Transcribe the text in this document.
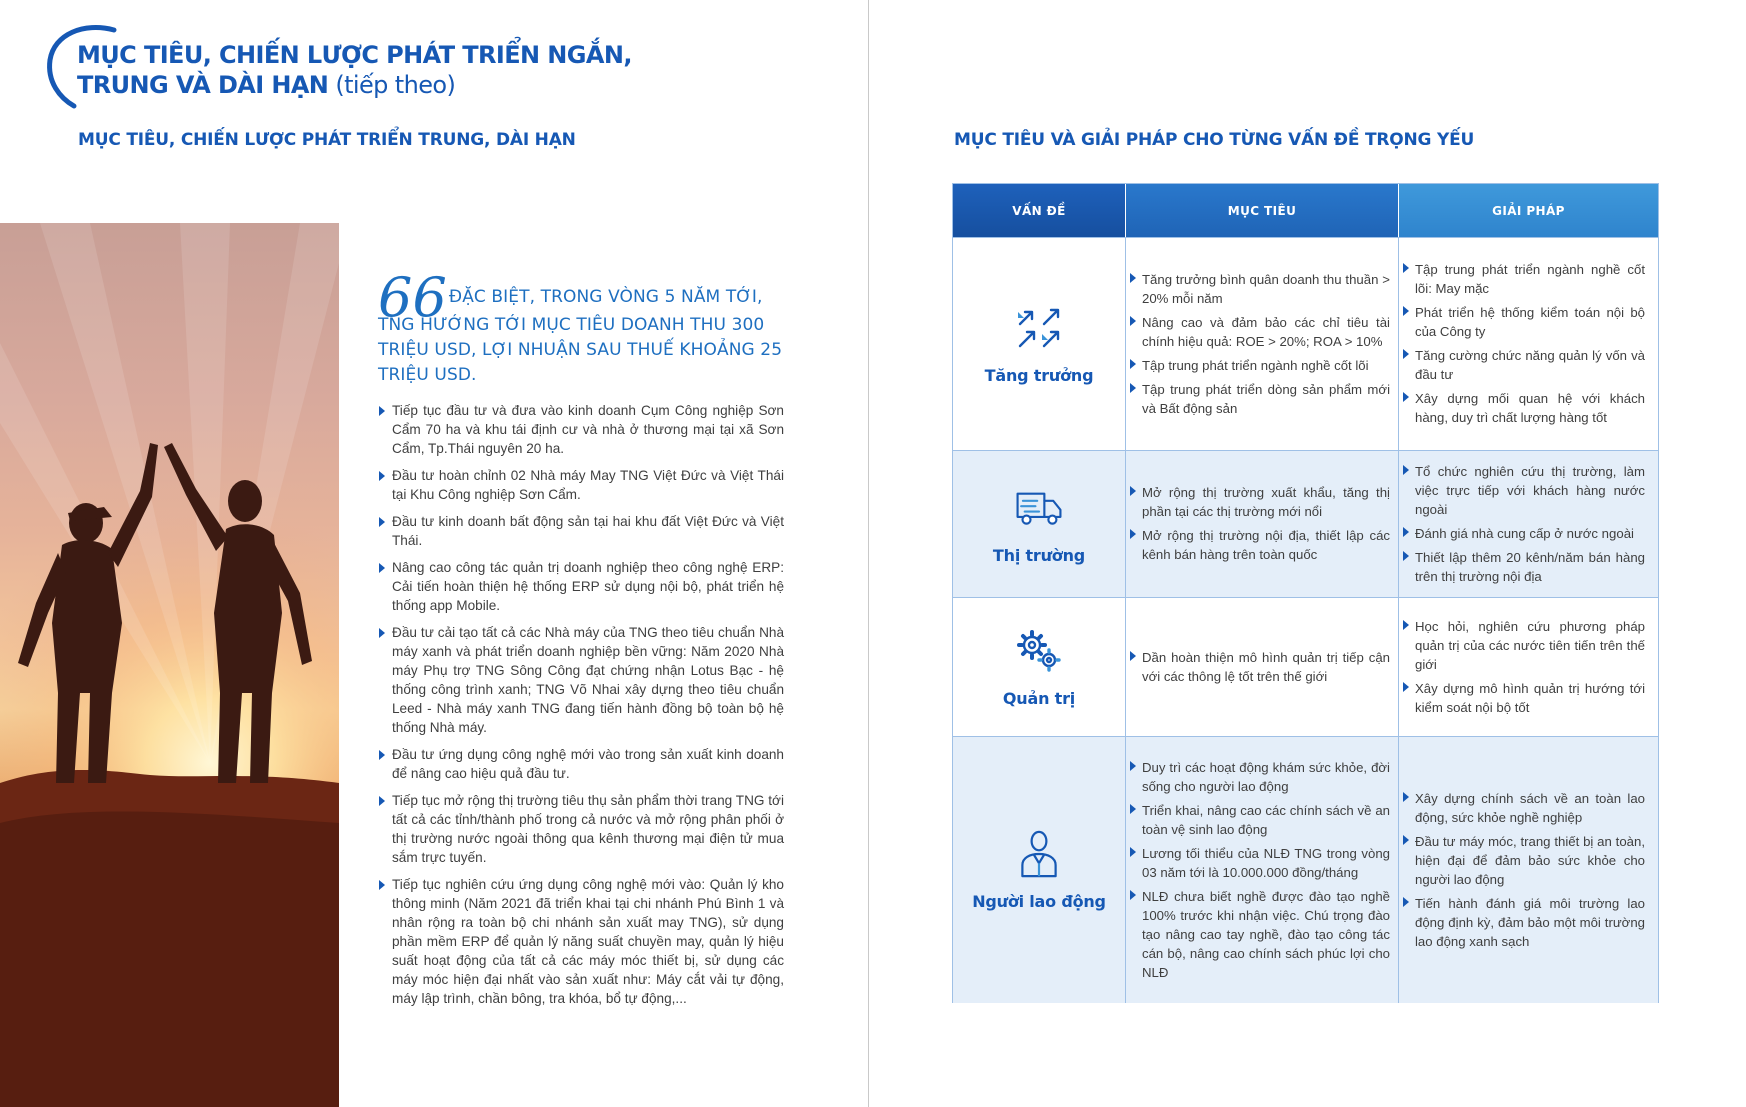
MỤC TIÊU, CHIẾN LƯỢC PHÁT TRIỂN NGẮN,
TRUNG VÀ DÀI HẠN (tiếp theo)
MỤC TIÊU, CHIẾN LƯỢC PHÁT TRIỂN TRUNG, DÀI HẠN

66 ĐẶC BIỆT, TRONG VÒNG 5 NĂM TỚI, TNG HƯỚNG TỚI MỤC TIÊU DOANH THU 300 TRIỆU USD, LỢI NHUẬN SAU THUẾ KHOẢNG 25 TRIỆU USD.

Tiếp tục đầu tư và đưa vào kinh doanh Cụm Công nghiệp Sơn Cẩm 70 ha và khu tái định cư và nhà ở thương mại tại xã Sơn Cẩm, Tp.Thái nguyên 20 ha.
Đầu tư hoàn chỉnh 02 Nhà máy May TNG Việt Đức và Việt Thái tại Khu Công nghiệp Sơn Cẩm.
Đầu tư kinh doanh bất động sản tại hai khu đất Việt Đức và Việt Thái.
Nâng cao công tác quản trị doanh nghiệp theo công nghệ ERP: Cải tiến hoàn thiện hệ thống ERP sử dụng nội bộ, phát triển hệ thống app Mobile.
Đầu tư cải tạo tất cả các Nhà máy của TNG theo tiêu chuẩn Nhà máy xanh và phát triển doanh nghiệp bền vững: Năm 2020 Nhà máy Phụ trợ TNG Sông Công đạt chứng nhận Lotus Bạc - hệ thống công trình xanh; TNG Võ Nhai xây dựng theo tiêu chuẩn Leed - Nhà máy xanh TNG đang tiến hành đồng bộ toàn bộ hệ thống Nhà máy.
Đầu tư ứng dụng công nghệ mới vào trong sản xuất kinh doanh để nâng cao hiệu quả đầu tư.
Tiếp tục mở rộng thị trường tiêu thụ sản phẩm thời trang TNG tới tất cả các tỉnh/thành phố trong cả nước và mở rộng phân phối ở thị trường nước ngoài thông qua kênh thương mại điện tử mua sắm trực tuyến.
Tiếp tục nghiên cứu ứng dụng công nghệ mới vào: Quản lý kho thông minh (Năm 2021 đã triển khai tại chi nhánh Phú Bình 1 và nhân rộng ra toàn bộ chi nhánh sản xuất may TNG), sử dụng phần mềm ERP để quản lý năng suất chuyền may, quản lý hiệu suất hoạt động của tất cả các máy móc thiết bị, sử dụng các máy móc hiện đại nhất vào sản xuất như: Máy cắt vải tự động, máy lập trình, chần bông, tra khóa, bổ tự động,...
MỤC TIÊU VÀ GIẢI PHÁP CHO TỪNG VẤN ĐỀ TRỌNG YẾU
VẤN ĐỀ	MỤC TIÊU	GIẢI PHÁP
Tăng trưởng
Tăng trưởng bình quân doanh thu thuần > 20% mỗi năm
Nâng cao và đảm bảo các chỉ tiêu tài chính hiệu quả: ROE > 20%; ROA > 10%
Tập trung phát triển ngành nghề cốt lõi
Tập trung phát triển dòng sản phẩm mới và Bất động sản
Tập trung phát triển ngành nghề cốt lõi: May mặc
Phát triển hệ thống kiểm toán nội bộ của Công ty
Tăng cường chức năng quản lý vốn và đầu tư
Xây dựng mối quan hệ với khách hàng, duy trì chất lượng hàng tốt
Thị trường
Mở rộng thị trường xuất khẩu, tăng thị phần tại các thị trường mới nổi
Mở rộng thị trường nội địa, thiết lập các kênh bán hàng trên toàn quốc
Tổ chức nghiên cứu thị trường, làm việc trực tiếp với khách hàng nước ngoài
Đánh giá nhà cung cấp ở nước ngoài
Thiết lập thêm 20 kênh/năm bán hàng trên thị trường nội địa
Quản trị
Dần hoàn thiện mô hình quản trị tiếp cận với các thông lệ tốt trên thế giới
Học hỏi, nghiên cứu phương pháp quản trị của các nước tiên tiến trên thế giới
Xây dựng mô hình quản trị hướng tới kiểm soát nội bộ tốt
Người lao động
Duy trì các hoạt động khám sức khỏe, đời sống cho người lao động
Triển khai, nâng cao các chính sách về an toàn vệ sinh lao động
Lương tối thiểu của NLĐ TNG trong vòng 03 năm tới là 10.000.000 đồng/tháng
NLĐ chưa biết nghề được đào tạo nghề 100% trước khi nhận việc. Chú trọng đào tạo nâng cao tay nghề, đào tạo công tác cán bộ, nâng cao chính sách phúc lợi cho NLĐ
Xây dựng chính sách về an toàn lao động, sức khỏe nghề nghiệp
Đầu tư máy móc, trang thiết bị an toàn, hiện đại để đảm bảo sức khỏe cho người lao động
Tiến hành đánh giá môi trường lao động định kỳ, đảm bảo một môi trường lao động xanh sạch
